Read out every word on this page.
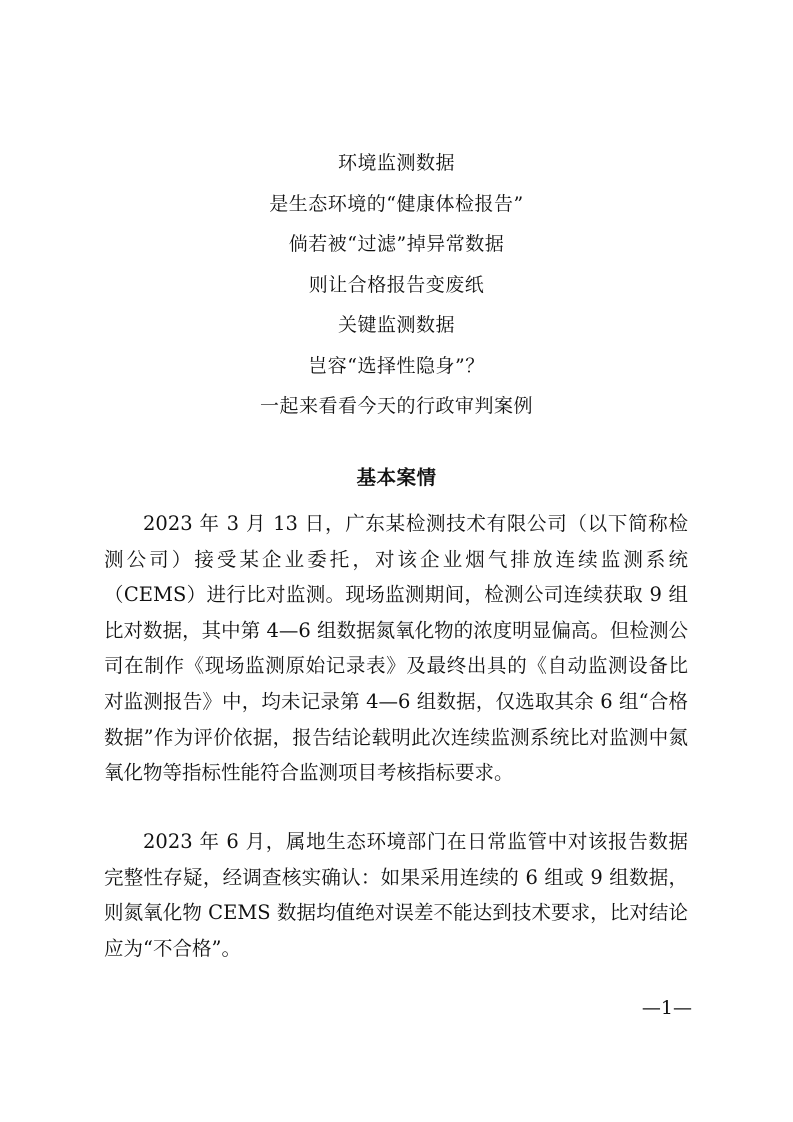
环境监测数据
是生态环境的“健康体检报告”
倘若被“过滤”掉异常数据
则让合格报告变废纸
关键监测数据
岂容“选择性隐身”？
一起来看看今天的行政审判案例
基本案情

2023 年 3 月 13 日，广东某检测技术有限公司（以下简称检测公司）接受某企业委托，对该企业烟气排放连续监测系统（CEMS）进行比对监测。现场监测期间，检测公司连续获取 9 组比对数据，其中第 4—6 组数据氮氧化物的浓度明显偏高。但检测公司在制作《现场监测原始记录表》及最终出具的《自动监测设备比对监测报告》中，均未记录第 4—6 组数据，仅选取其余 6 组“合格数据”作为评价依据，报告结论载明此次连续监测系统比对监测中氮氧化物等指标性能符合监测项目考核指标要求。

2023 年 6 月，属地生态环境部门在日常监管中对该报告数据完整性存疑，经调查核实确认：如果采用连续的 6 组或 9 组数据，则氮氧化物 CEMS 数据均值绝对误差不能达到技术要求，比对结论应为“不合格”。

—1—
